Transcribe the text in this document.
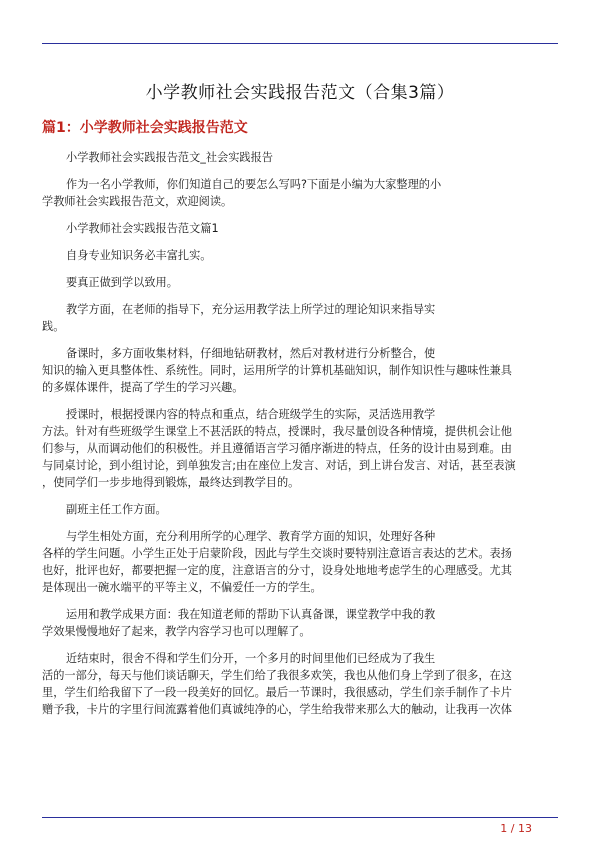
小学教师社会实践报告范文（合集3篇）
篇1：小学教师社会实践报告范文
小学教师社会实践报告范文_社会实践报告
作为一名小学教师，你们知道自己的要怎么写吗?下面是小编为大家整理的小
学教师社会实践报告范文，欢迎阅读。
小学教师社会实践报告范文篇1
自身专业知识务必丰富扎实。
要真正做到学以致用。
教学方面，在老师的指导下，充分运用教学法上所学过的理论知识来指导实
践。
备课时，多方面收集材料，仔细地钻研教材，然后对教材进行分析整合，使
知识的输入更具整体性、系统性。同时，运用所学的计算机基础知识，制作知识性与趣味性兼具
的多媒体课件，提高了学生的学习兴趣。
授课时，根据授课内容的特点和重点，结合班级学生的实际，灵活选用教学
方法。针对有些班级学生课堂上不甚活跃的特点，授课时，我尽量创设各种情境，提供机会让他
们参与，从而调动他们的积极性。并且遵循语言学习循序渐进的特点，任务的设计由易到难。由
与同桌讨论，到小组讨论，到单独发言;由在座位上发言、对话，到上讲台发言、对话，甚至表演
，使同学们一步步地得到锻炼，最终达到教学目的。
副班主任工作方面。
与学生相处方面，充分利用所学的心理学、教育学方面的知识，处理好各种
各样的学生问题。小学生正处于启蒙阶段，因此与学生交谈时要特别注意语言表达的艺术。表扬
也好，批评也好，都要把握一定的度，注意语言的分寸，设身处地地考虑学生的心理感受。尤其
是体现出一碗水端平的平等主义，不偏爱任一方的学生。
运用和教学成果方面：我在知道老师的帮助下认真备课，课堂教学中我的教
学效果慢慢地好了起来，教学内容学习也可以理解了。
近结束时，很舍不得和学生们分开，一个多月的时间里他们已经成为了我生
活的一部分，每天与他们谈话聊天，学生们给了我很多欢笑，我也从他们身上学到了很多，在这
里，学生们给我留下了一段一段美好的回忆。最后一节课时，我很感动，学生们亲手制作了卡片
赠予我，卡片的字里行间流露着他们真诚纯净的心，学生给我带来那么大的触动，让我再一次体
1 / 13
